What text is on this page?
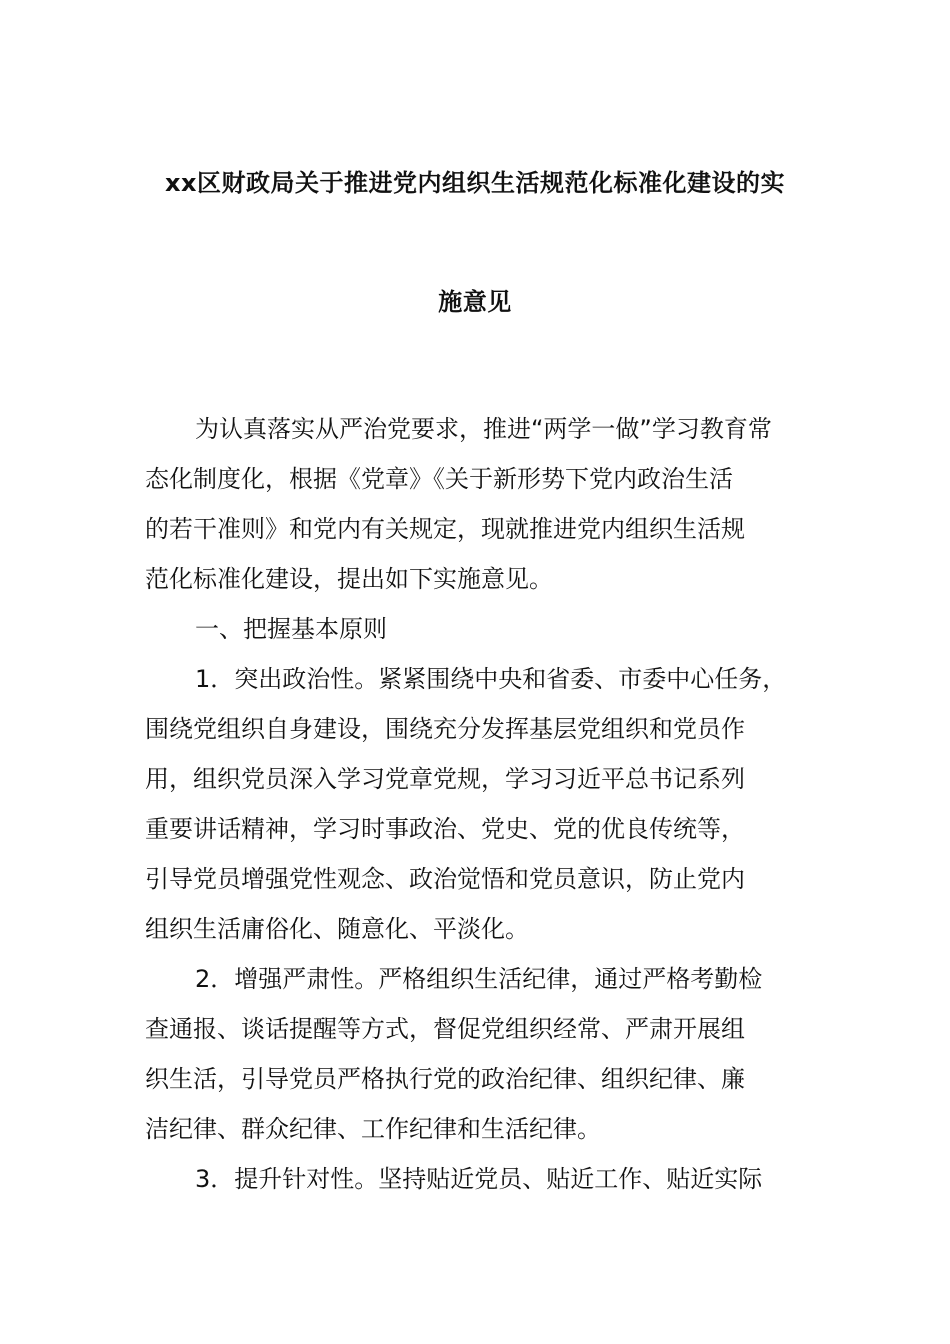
xx区财政局关于推进党内组织生活规范化标准化建设的实
施意见
为认真落实从严治党要求，推进“两学一做”学习教育常
态化制度化，根据《党章》《关于新形势下党内政治生活
的若干准则》和党内有关规定，现就推进党内组织生活规
范化标准化建设，提出如下实施意见。
一、把握基本原则
1．突出政治性。紧紧围绕中央和省委、市委中心任务，
围绕党组织自身建设，围绕充分发挥基层党组织和党员作
用，组织党员深入学习党章党规，学习习近平总书记系列
重要讲话精神，学习时事政治、党史、党的优良传统等，
引导党员增强党性观念、政治觉悟和党员意识，防止党内
组织生活庸俗化、随意化、平淡化。
2．增强严肃性。严格组织生活纪律，通过严格考勤检
查通报、谈话提醒等方式，督促党组织经常、严肃开展组
织生活，引导党员严格执行党的政治纪律、组织纪律、廉
洁纪律、群众纪律、工作纪律和生活纪律。
3．提升针对性。坚持贴近党员、贴近工作、贴近实际
